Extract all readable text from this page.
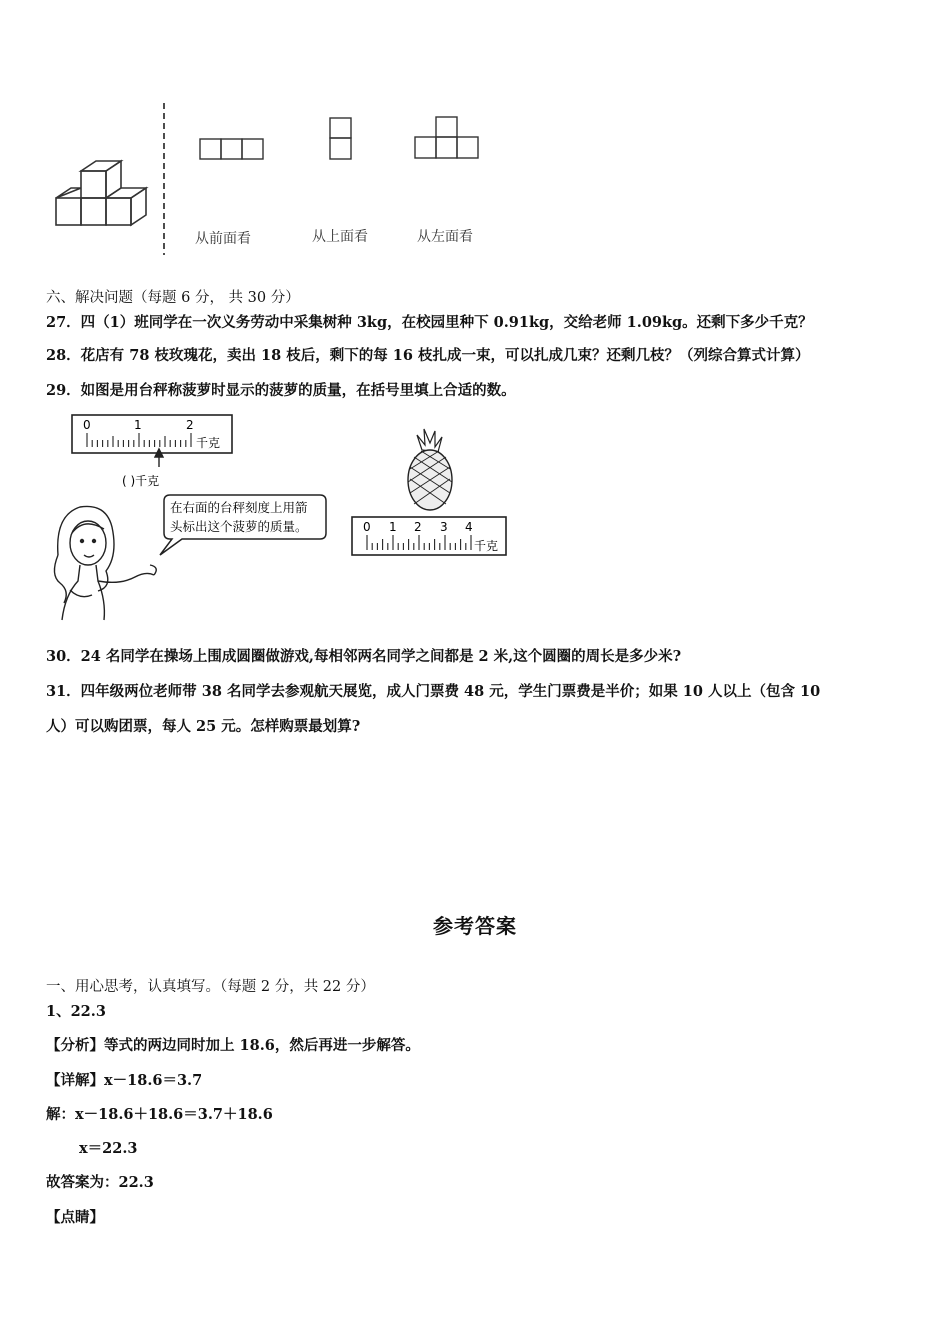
从前面看	从上面看	从左面看
六、解决问题（每题 6 分， 共 30 分）
27．四（1）班同学在一次义务劳动中采集树种 3kg，在校园里种下 0.91kg，交给老师 1.09kg。还剩下多少千克？
28．花店有 78 枝玫瑰花，卖出 18 枝后，剩下的每 16 枝扎成一束，可以扎成几束？还剩几枝？（列综合算式计算）
29．如图是用台秤称菠萝时显示的菠萝的质量，在括号里填上合适的数。
0	1	2
千克
( )千克
0 1 2 3 4
千克
在右面的台秤刻度上用箭
头标出这个菠萝的质量。
30．24 名同学在操场上围成圆圈做游戏,每相邻两名同学之间都是 2 米,这个圆圈的周长是多少米?
31．四年级两位老师带 38 名同学去参观航天展览，成人门票费 48 元，学生门票费是半价；如果 10 人以上（包含 10
人）可以购团票，每人 25 元。怎样购票最划算?
参考答案
一、用心思考，认真填写。（每题 2 分，共 22 分）
1、22.3
【分析】等式的两边同时加上 18.6，然后再进一步解答。
【详解】x－18.6＝3.7
解：x－18.6＋18.6＝3.7＋18.6
x＝22.3
故答案为：22.3
【点睛】
